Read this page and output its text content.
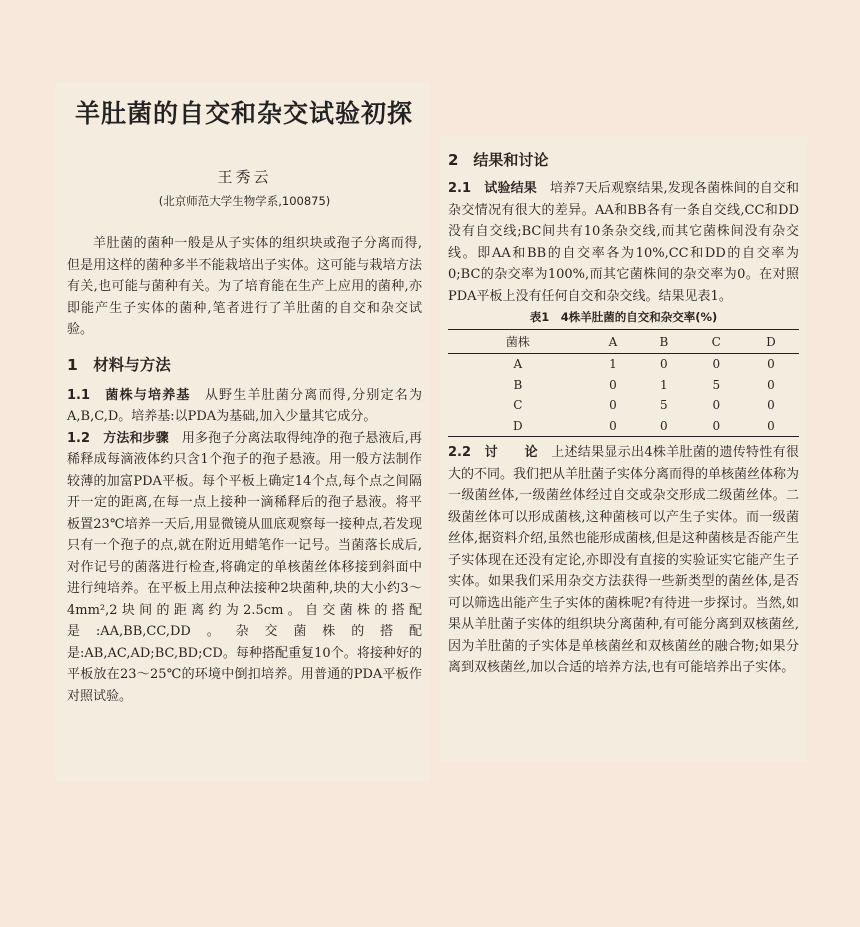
羊肚菌的自交和杂交试验初探
王秀云
(北京师范大学生物学系,100875)

羊肚菌的菌种一般是从子实体的组织块或孢子分离而得,但是用这样的菌种多半不能栽培出子实体。这可能与栽培方法有关,也可能与菌种有关。为了培育能在生产上应用的菌种,亦即能产生子实体的菌种,笔者进行了羊肚菌的自交和杂交试验。

1　材料与方法

1.1　菌株与培养基　 从野生羊肚菌分离而得,分别定名为A,B,C,D。培养基:以PDA为基础,加入少量其它成分。

1.2　方法和步骤　 用多孢子分离法取得纯净的孢子悬液后,再稀释成每滴液体约只含1个孢子的孢子悬液。用一般方法制作较薄的加富PDA平板。每个平板上确定14个点,每个点之间隔开一定的距离,在每一点上接种一滴稀释后的孢子悬液。将平板置23℃培养一天后,用显微镜从皿底观察每一接种点,若发现只有一个孢子的点,就在附近用蜡笔作一记号。当菌落长成后,对作记号的菌落进行检查,将确定的单核菌丝体移接到斜面中进行纯培养。在平板上用点种法接种2块菌种,块的大小约3～4mm²,2块间的距离约为2.5cm。自交菌株的搭配是:AA,BB,CC,DD。杂交菌株的搭配是:AB,AC,AD;BC,BD;CD。每种搭配重复10个。将接种好的平板放在23～25℃的环境中倒扣培养。用普通的PDA平板作对照试验。

2　结果和讨论

2.1　试验结果　 培养7天后观察结果,发现各菌株间的自交和杂交情况有很大的差异。AA和BB各有一条自交线,CC和DD没有自交线;BC间共有10条杂交线,而其它菌株间没有杂交线。即AA和BB的自交率各为10%,CC和DD的自交率为0;BC的杂交率为100%,而其它菌株间的杂交率为0。在对照PDA平板上没有任何自交和杂交线。结果见表1。

表1　4株羊肚菌的自交和杂交率(%)
菌株	A	B	C	D
A	1	0	0	0
B	0	1	5	0
C	0	5	0	0
D	0	0	0	0

2.2　讨　　论　 上述结果显示出4株羊肚菌的遗传特性有很大的不同。我们把从羊肚菌子实体分离而得的单核菌丝体称为一级菌丝体,一级菌丝体经过自交或杂交形成二级菌丝体。二级菌丝体可以形成菌核,这种菌核可以产生子实体。而一级菌丝体,据资料介绍,虽然也能形成菌核,但是这种菌核是否能产生子实体现在还没有定论,亦即没有直接的实验证实它能产生子实体。如果我们采用杂交方法获得一些新类型的菌丝体,是否可以筛选出能产生子实体的菌株呢?有待进一步探讨。当然,如果从羊肚菌子实体的组织块分离菌种,有可能分离到双核菌丝,因为羊肚菌的子实体是单核菌丝和双核菌丝的融合物;如果分离到双核菌丝,加以合适的培养方法,也有可能培养出子实体。
